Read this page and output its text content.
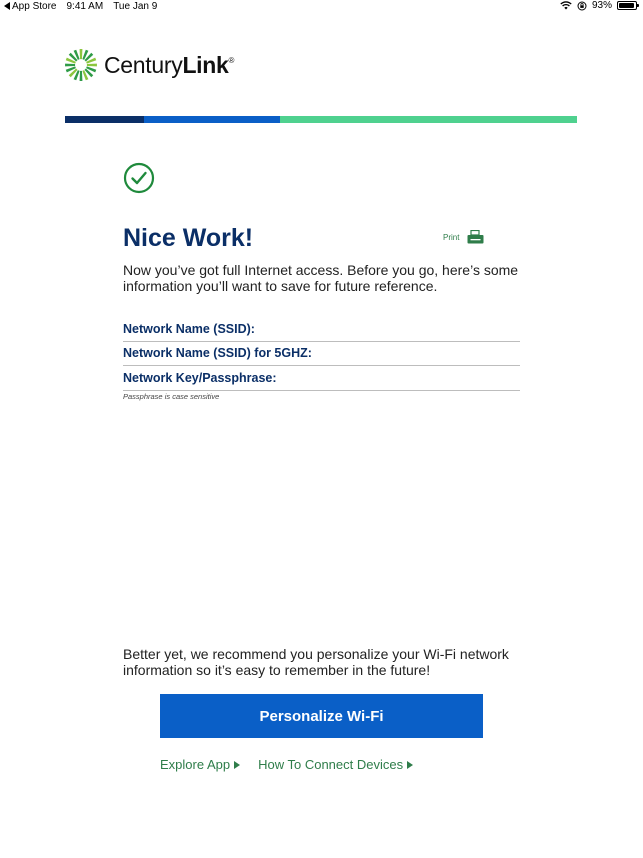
App Store 9:41 AM Tue Jan 9	93%
CenturyLink®
Nice Work!	Print

Now you’ve got full Internet access. Before you go, here’s some information you’ll want to save for future reference.

Network Name (SSID):
Network Name (SSID) for 5GHZ:
Network Key/Passphrase:
Passphrase is case sensitive

Better yet, we recommend you personalize your Wi-Fi network information so it’s easy to remember in the future!

Personalize Wi-Fi
Explore App How To Connect Devices
